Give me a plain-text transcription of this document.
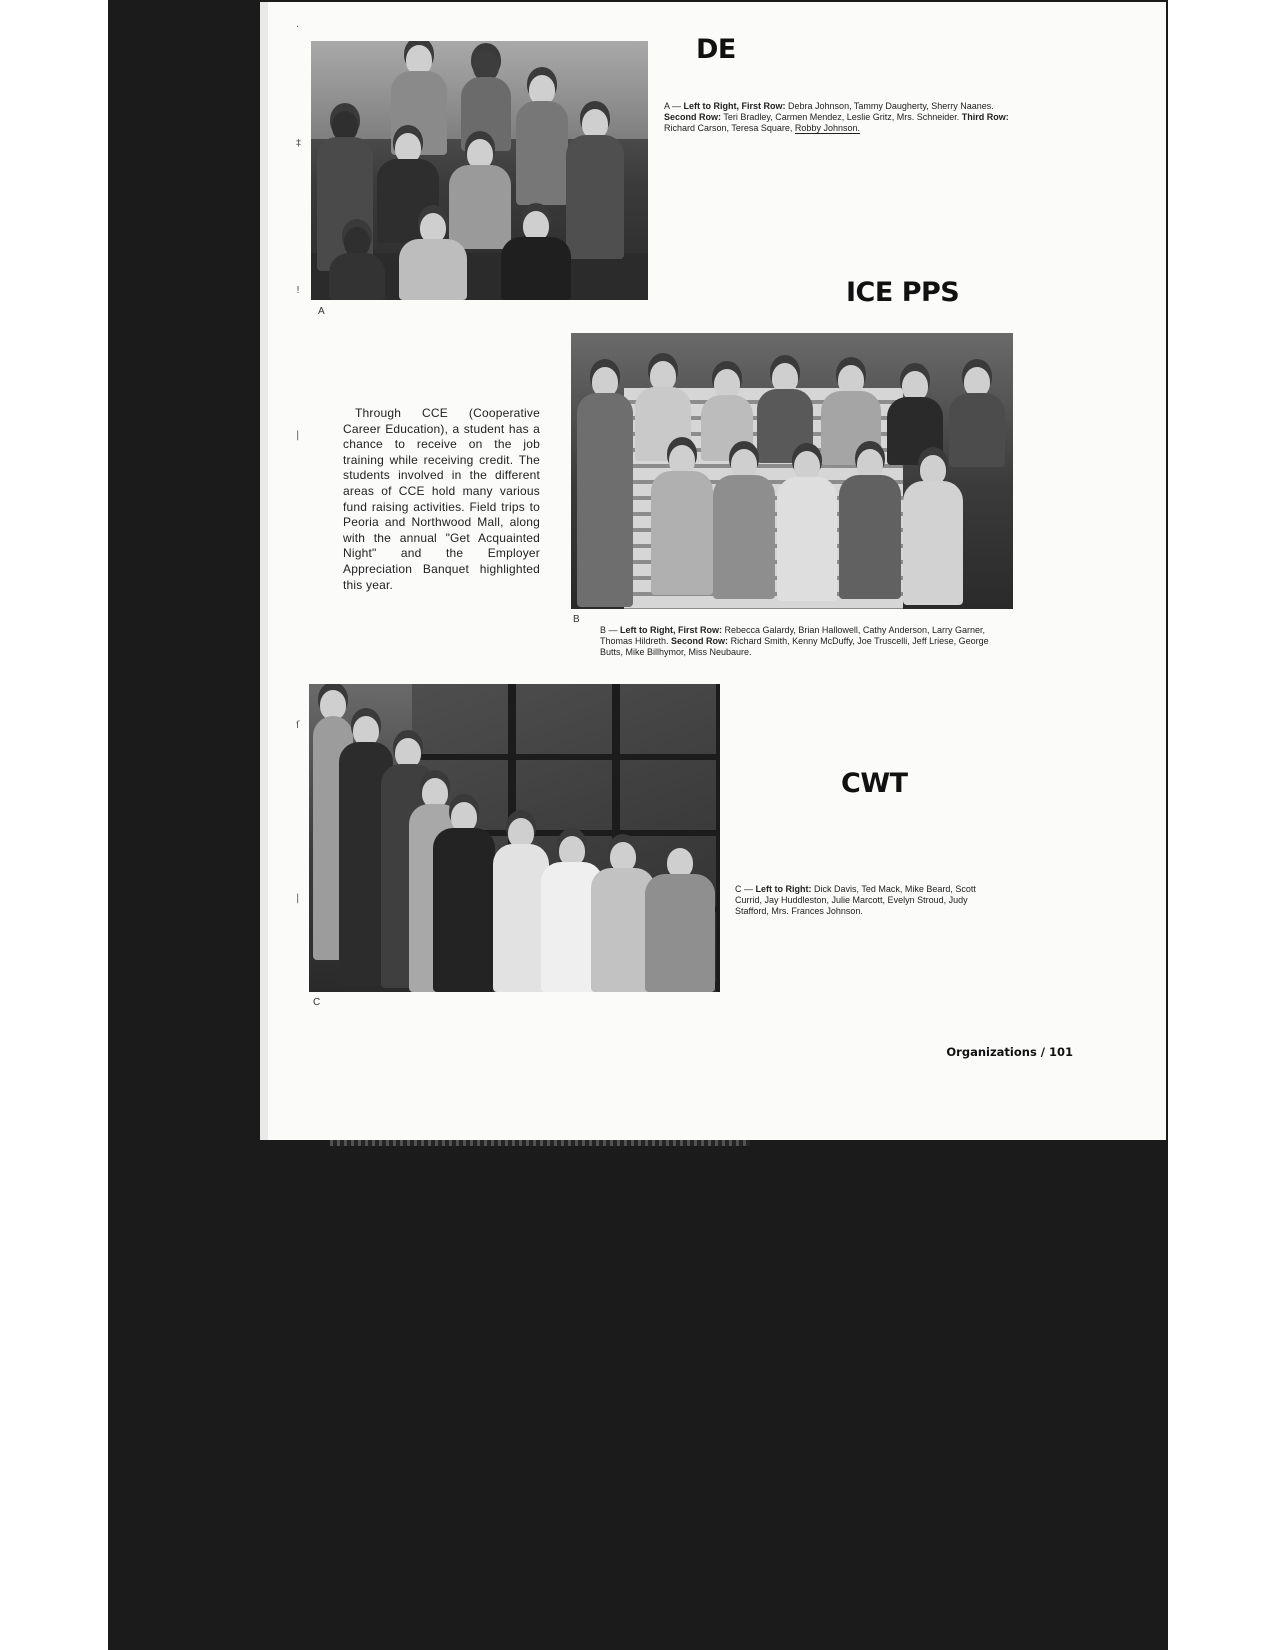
·
‡
!
|
ſ
|
A
DE
A — Left to Right, First Row: Debra Johnson, Tammy Daugherty, Sherry Naanes. Second Row: Teri Bradley, Carmen Mendez, Leslie Gritz, Mrs. Schneider. Third Row: Richard Carson, Teresa Square, Robby Johnson.
ICE PPS
Through CCE (Cooperative Career Education), a student has a chance to receive on the job training while receiving credit. The students involved in the different areas of CCE hold many various fund raising activities. Field trips to Peoria and Northwood Mall, along with the annual "Get Acquainted Night" and the Employer Appreciation Banquet highlighted this year.
B
B — Left to Right, First Row: Rebecca Galardy, Brian Hallowell, Cathy Anderson, Larry Garner, Thomas Hildreth. Second Row: Richard Smith, Kenny McDuffy, Joe Truscelli, Jeff Lriese, George Butts, Mike Billhymor, Miss Neubaure.
C
CWT
C — Left to Right: Dick Davis, Ted Mack, Mike Beard, Scott Currid, Jay Huddleston, Julie Marcott, Evelyn Stroud, Judy Stafford, Mrs. Frances Johnson.
Organizations / 101
